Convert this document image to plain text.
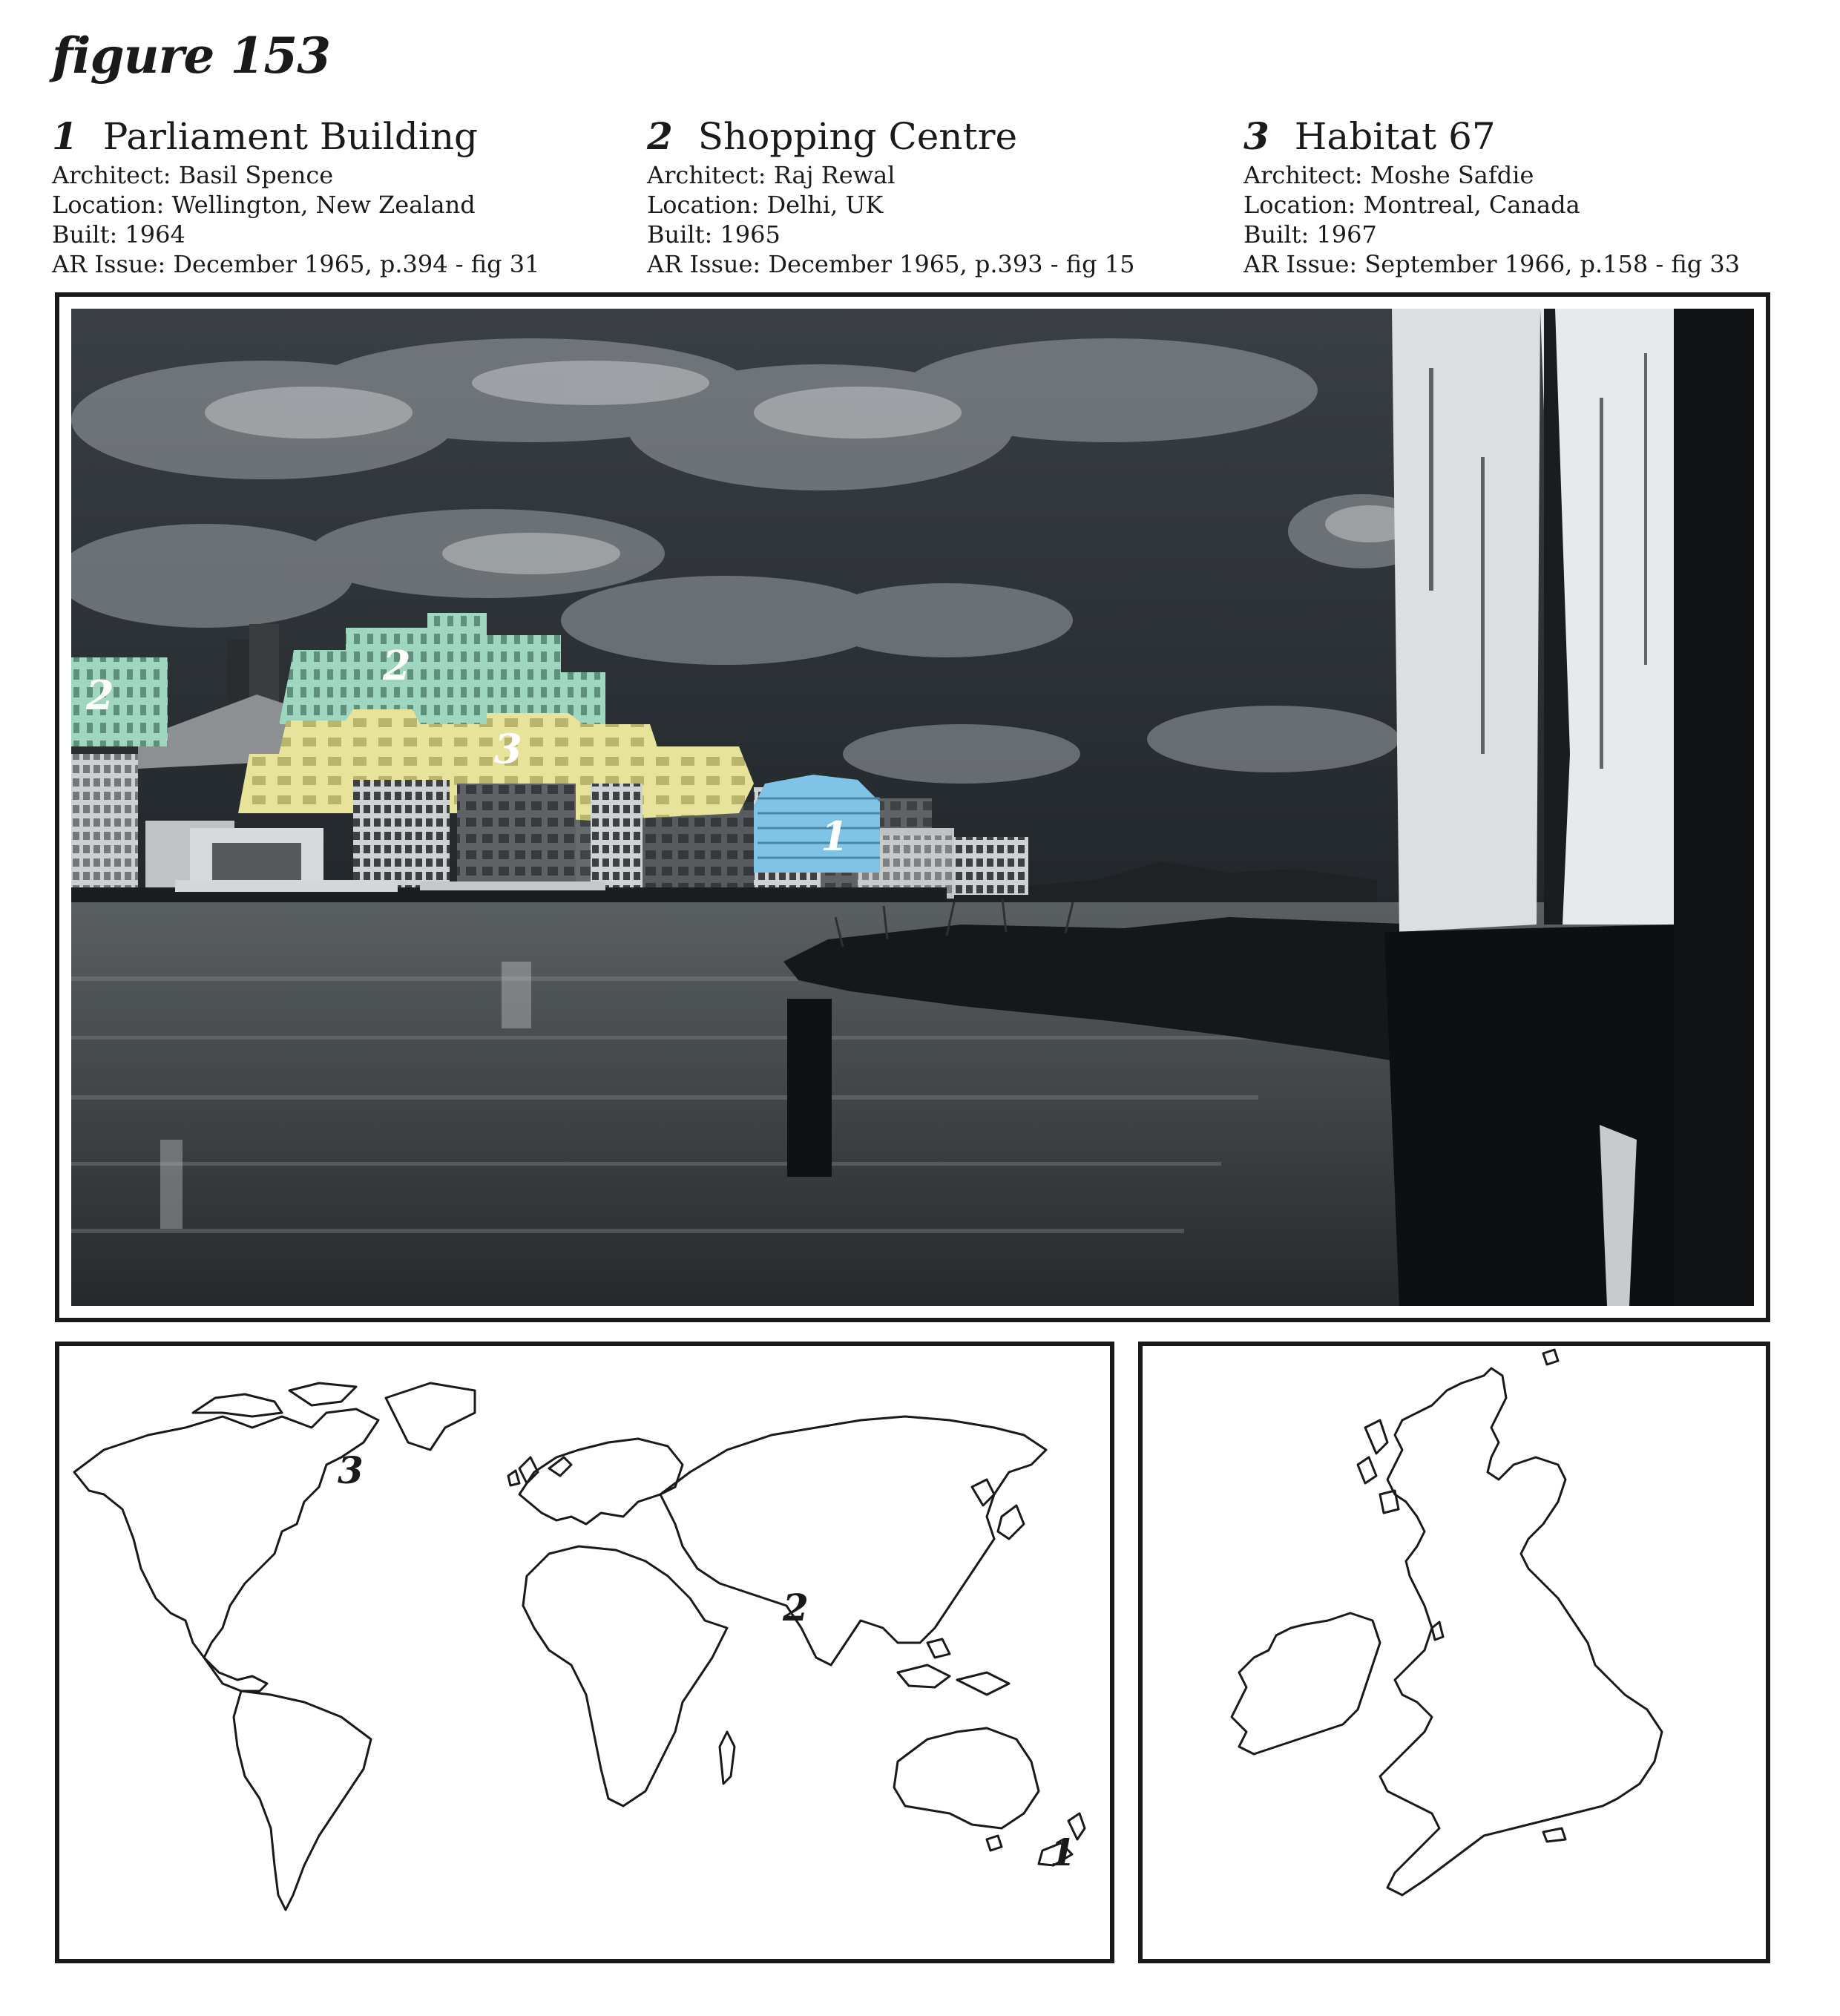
figure 153
1 Parliament Building
Architect: Basil Spence
Location: Wellington, New Zealand
Built: 1964
AR Issue: December 1965, p.394 - fig 31
2 Shopping Centre
Architect: Raj Rewal
Location: Delhi, UK
Built: 1965
AR Issue: December 1965, p.393 - fig 15
3 Habitat 67
Architect: Moshe Safdie
Location: Montreal, Canada
Built: 1967
AR Issue: September 1966, p.158 - fig 33
1
2
2
3
3
2
1
